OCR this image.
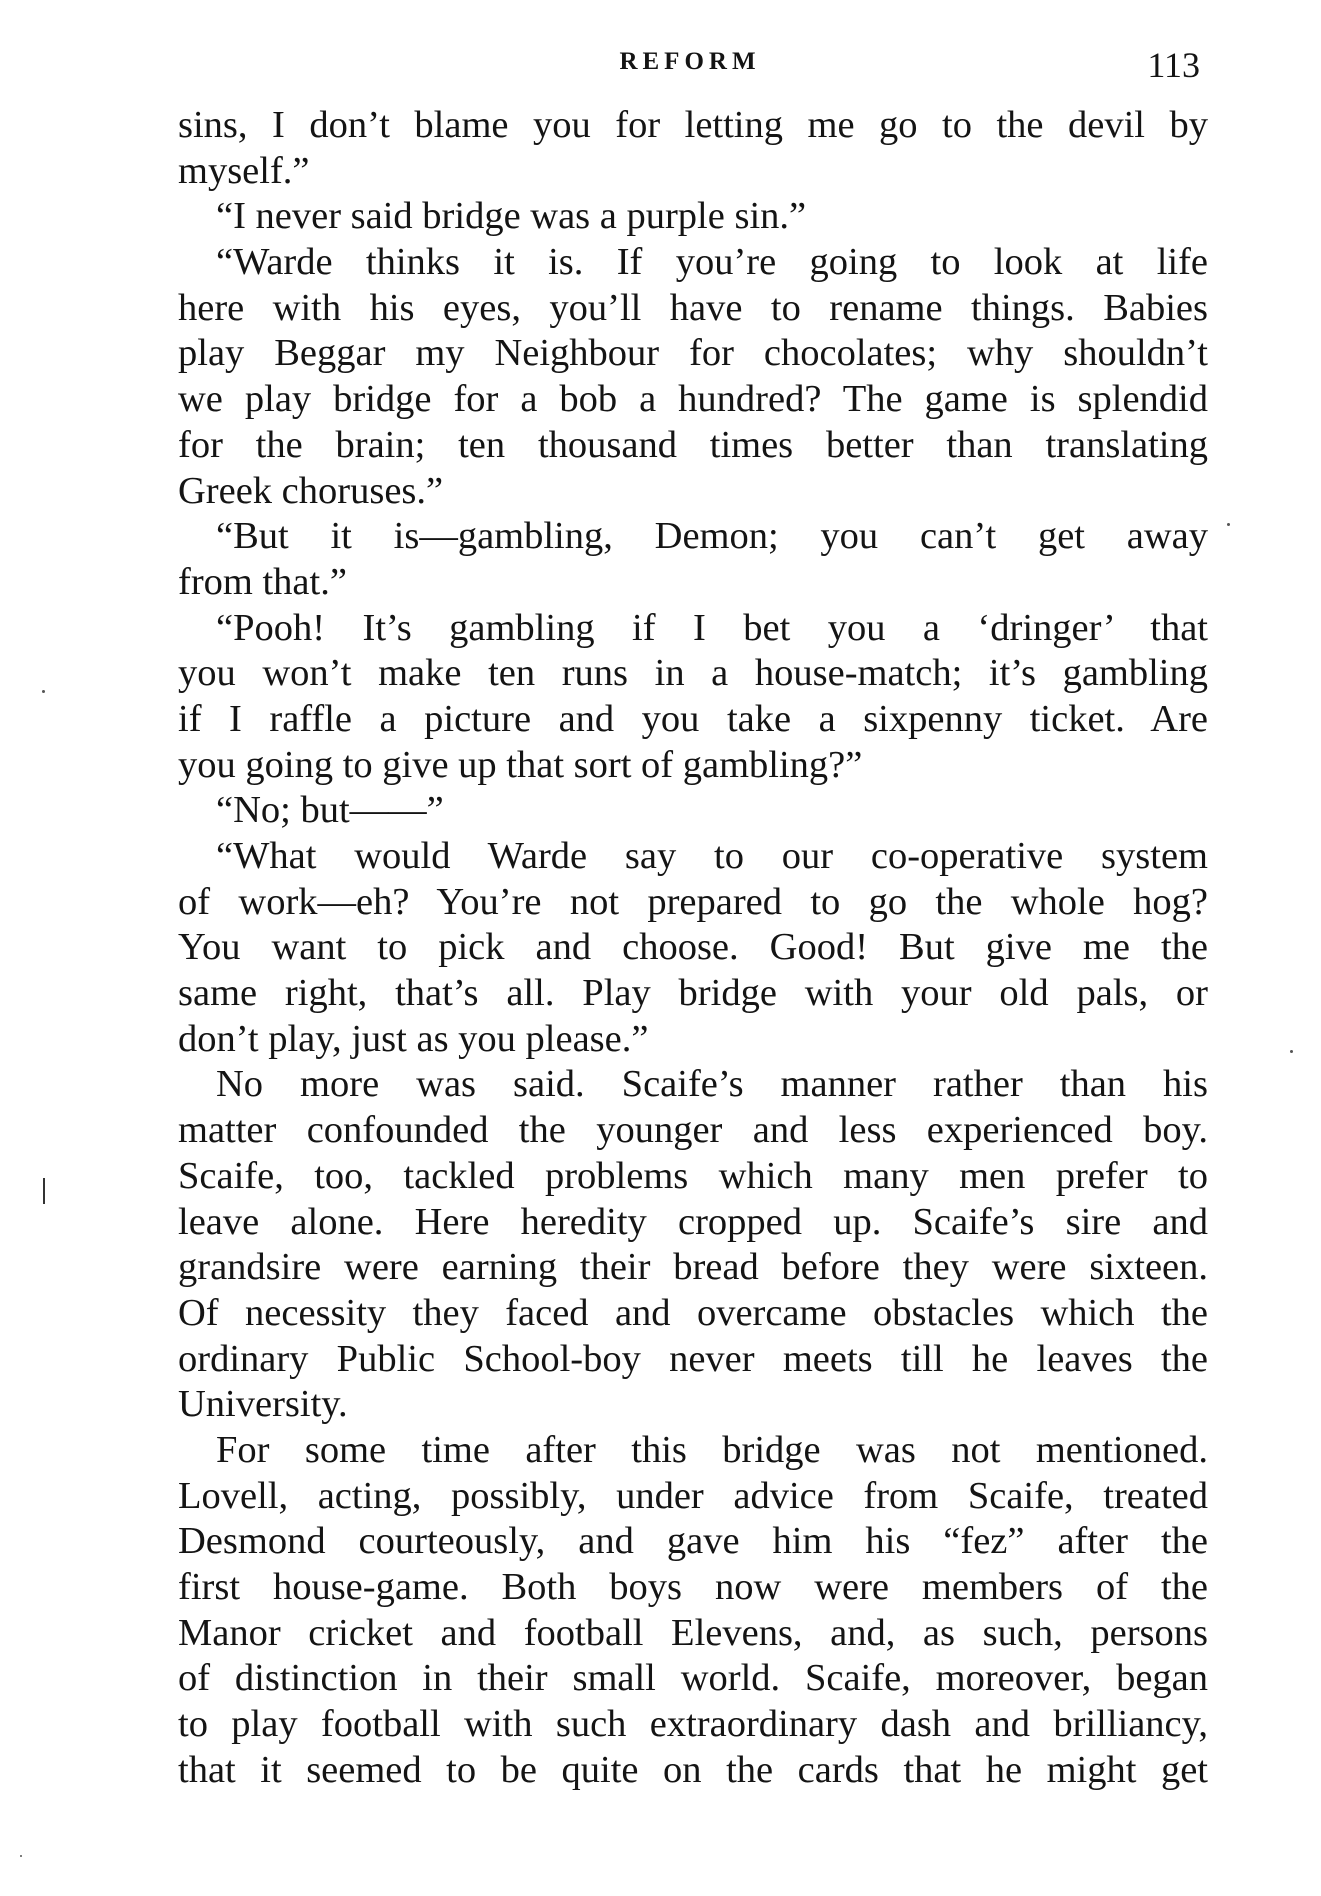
REFORM	113
sins, I don’t blame you for letting me go to the devil by
myself.”
“I never said bridge was a purple sin.”
“Warde thinks it is. If you’re going to look at life
here with his eyes, you’ll have to rename things. Babies
play Beggar my Neighbour for chocolates; why shouldn’t
we play bridge for a bob a hundred? The game is splendid
for the brain; ten thousand times better than translating
Greek choruses.”
“But it is—gambling, Demon; you can’t get away
from that.”
“Pooh! It’s gambling if I bet you a ‘dringer’ that
you won’t make ten runs in a house-match; it’s gambling
if I raffle a picture and you take a sixpenny ticket. Are
you going to give up that sort of gambling?”
“No; but——”
“What would Warde say to our co-operative system
of work—eh? You’re not prepared to go the whole hog?
You want to pick and choose. Good! But give me the
same right, that’s all. Play bridge with your old pals, or
don’t play, just as you please.”
No more was said. Scaife’s manner rather than his
matter confounded the younger and less experienced boy.
Scaife, too, tackled problems which many men prefer to
leave alone. Here heredity cropped up. Scaife’s sire and
grandsire were earning their bread before they were sixteen.
Of necessity they faced and overcame obstacles which the
ordinary Public School-boy never meets till he leaves the
University.
For some time after this bridge was not mentioned.
Lovell, acting, possibly, under advice from Scaife, treated
Desmond courteously, and gave him his “fez” after the
first house-game. Both boys now were members of the
Manor cricket and football Elevens, and, as such, persons
of distinction in their small world. Scaife, moreover, began
to play football with such extraordinary dash and brilliancy,
that it seemed to be quite on the cards that he might get
